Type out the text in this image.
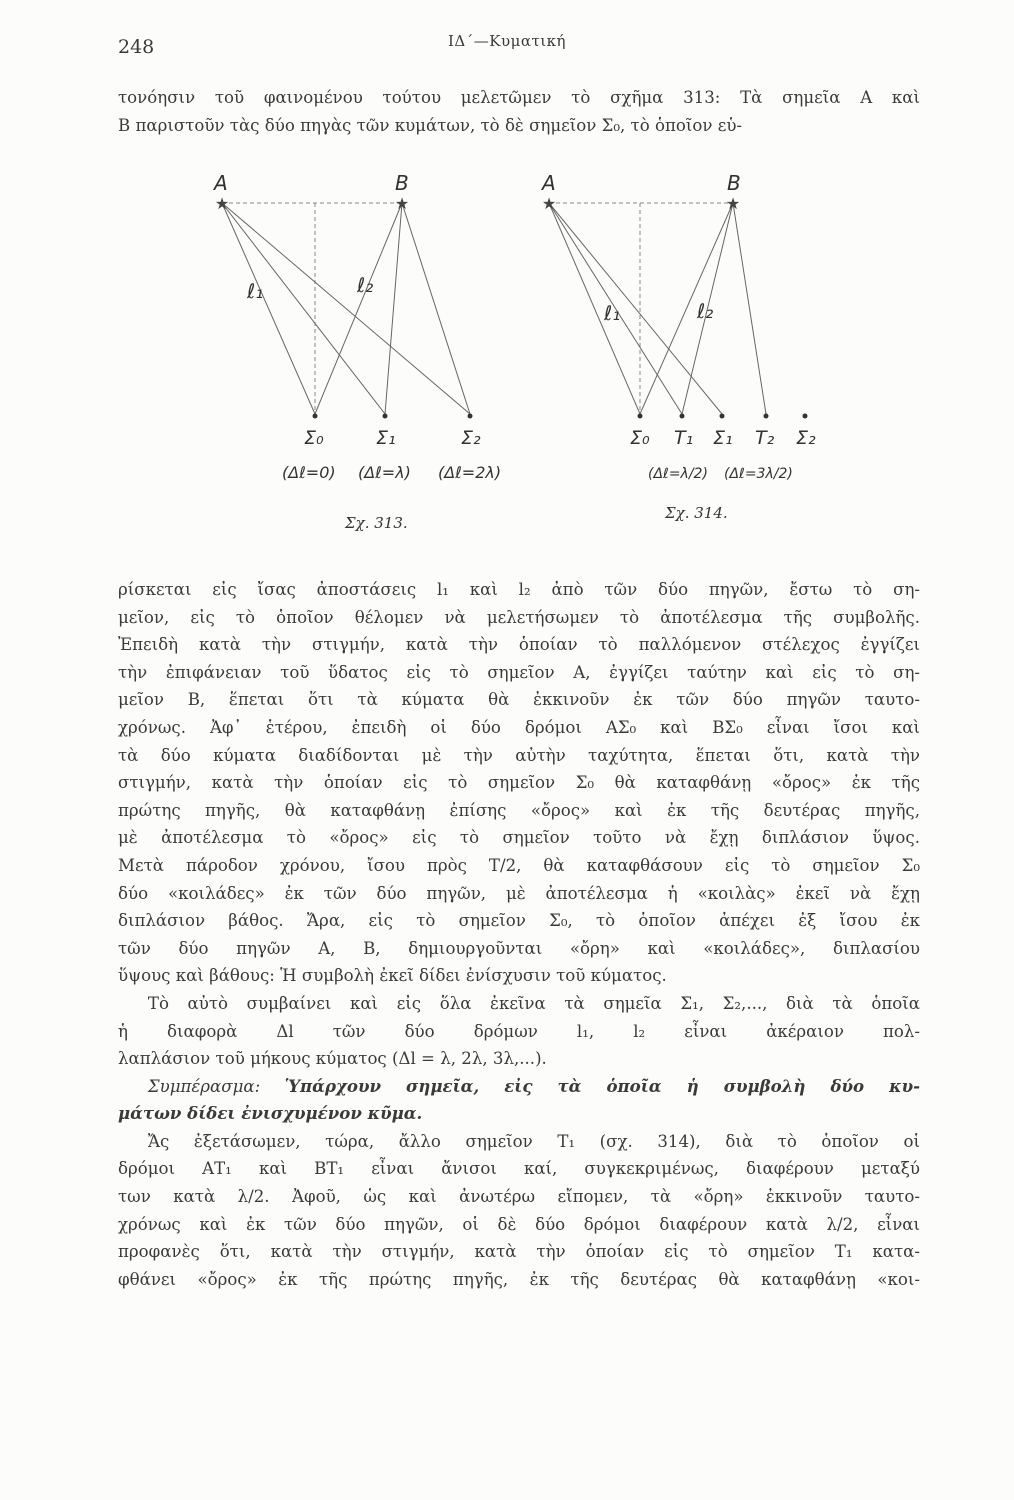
248	ΙΔ΄—Κυματική

τονόησιν τοῦ φαινομένου τούτου μελετῶμεν τὸ σχῆμα 313: Τὰ σημεῖα Α καὶ

Β παριστοῦν τὰς δύο πηγὰς τῶν κυμάτων, τὸ δὲ σημεῖον Σ₀, τὸ ὁποῖον εὑ-

A	B
★	★
ℓ₁	ℓ₂
Σ₀	Σ₁	Σ₂
(Δℓ=0) (Δℓ=λ) (Δℓ=2λ)
Σχ. 313.
A	B
★	★
ℓ₁	ℓ₂
Σ₀ T₁ Σ₁ T₂ Σ₂
(Δℓ=λ/2) (Δℓ=3λ/2)
Σχ. 314.

ρίσκεται εἰς ἴσας ἀποστάσεις l₁ καὶ l₂ ἀπὸ τῶν δύο πηγῶν, ἔστω τὸ ση-

μεῖον, εἰς τὸ ὁποῖον θέλομεν νὰ μελετήσωμεν τὸ ἀποτέλεσμα τῆς συμβολῆς.

Ἐπειδὴ κατὰ τὴν στιγμήν, κατὰ τὴν ὁποίαν τὸ παλλόμενον στέλεχος ἐγγίζει

τὴν ἐπιφάνειαν τοῦ ὕδατος εἰς τὸ σημεῖον Α, ἐγγίζει ταύτην καὶ εἰς τὸ ση-

μεῖον Β, ἕπεται ὅτι τὰ κύματα θὰ ἐκκινοῦν ἐκ τῶν δύο πηγῶν ταυτο-

χρόνως. Ἀφ᾿ ἑτέρου, ἐπειδὴ οἱ δύο δρόμοι ΑΣ₀ καὶ ΒΣ₀ εἶναι ἴσοι καὶ

τὰ δύο κύματα διαδίδονται μὲ τὴν αὐτὴν ταχύτητα, ἕπεται ὅτι, κατὰ τὴν

στιγμήν, κατὰ τὴν ὁποίαν εἰς τὸ σημεῖον Σ₀ θὰ καταφθάνῃ «ὄρος» ἐκ τῆς

πρώτης πηγῆς, θὰ καταφθάνῃ ἐπίσης «ὄρος» καὶ ἐκ τῆς δευτέρας πηγῆς,

μὲ ἀποτέλεσμα τὸ «ὄρος» εἰς τὸ σημεῖον τοῦτο νὰ ἔχῃ διπλάσιον ὕψος.

Μετὰ πάροδον χρόνου, ἴσου πρὸς Τ/2, θὰ καταφθάσουν εἰς τὸ σημεῖον Σ₀

δύο «κοιλάδες» ἐκ τῶν δύο πηγῶν, μὲ ἀποτέλεσμα ἡ «κοιλὰς» ἐκεῖ νὰ ἔχῃ

διπλάσιον βάθος. Ἄρα, εἰς τὸ σημεῖον Σ₀, τὸ ὁποῖον ἀπέχει ἐξ ἴσου ἐκ

τῶν δύο πηγῶν Α, Β, δημιουργοῦνται «ὄρη» καὶ «κοιλάδες», διπλασίου

ὕψους καὶ βάθους: Ἡ συμβολὴ ἐκεῖ δίδει ἐνίσχυσιν τοῦ κύματος.

Τὸ αὐτὸ συμβαίνει καὶ εἰς ὅλα ἐκεῖνα τὰ σημεῖα Σ₁, Σ₂,..., διὰ τὰ ὁποῖα

ἡ διαφορὰ Δl τῶν δύο δρόμων l₁, l₂ εἶναι ἀκέραιον πολ-

λαπλάσιον τοῦ μήκους κύματος (Δl = λ, 2λ, 3λ,...).

Συμπέρασμα: Ὑπάρχουν σημεῖα, εἰς τὰ ὁποῖα ἡ συμβολὴ δύο κυ-

μάτων δίδει ἐνισχυμένον κῦμα.

Ἄς ἐξετάσωμεν, τώρα, ἄλλο σημεῖον Τ₁ (σχ. 314), διὰ τὸ ὁποῖον οἱ

δρόμοι ΑΤ₁ καὶ ΒΤ₁ εἶναι ἄνισοι καί, συγκεκριμένως, διαφέρουν μεταξύ

των κατὰ λ/2. Ἀφοῦ, ὡς καὶ ἀνωτέρω εἴπομεν, τὰ «ὄρη» ἐκκινοῦν ταυτο-

χρόνως καὶ ἐκ τῶν δύο πηγῶν, οἱ δὲ δύο δρόμοι διαφέρουν κατὰ λ/2, εἶναι

προφανὲς ὅτι, κατὰ τὴν στιγμήν, κατὰ τὴν ὁποίαν εἰς τὸ σημεῖον Τ₁ κατα-

φθάνει «ὄρος» ἐκ τῆς πρώτης πηγῆς, ἐκ τῆς δευτέρας θὰ καταφθάνῃ «κοι-
